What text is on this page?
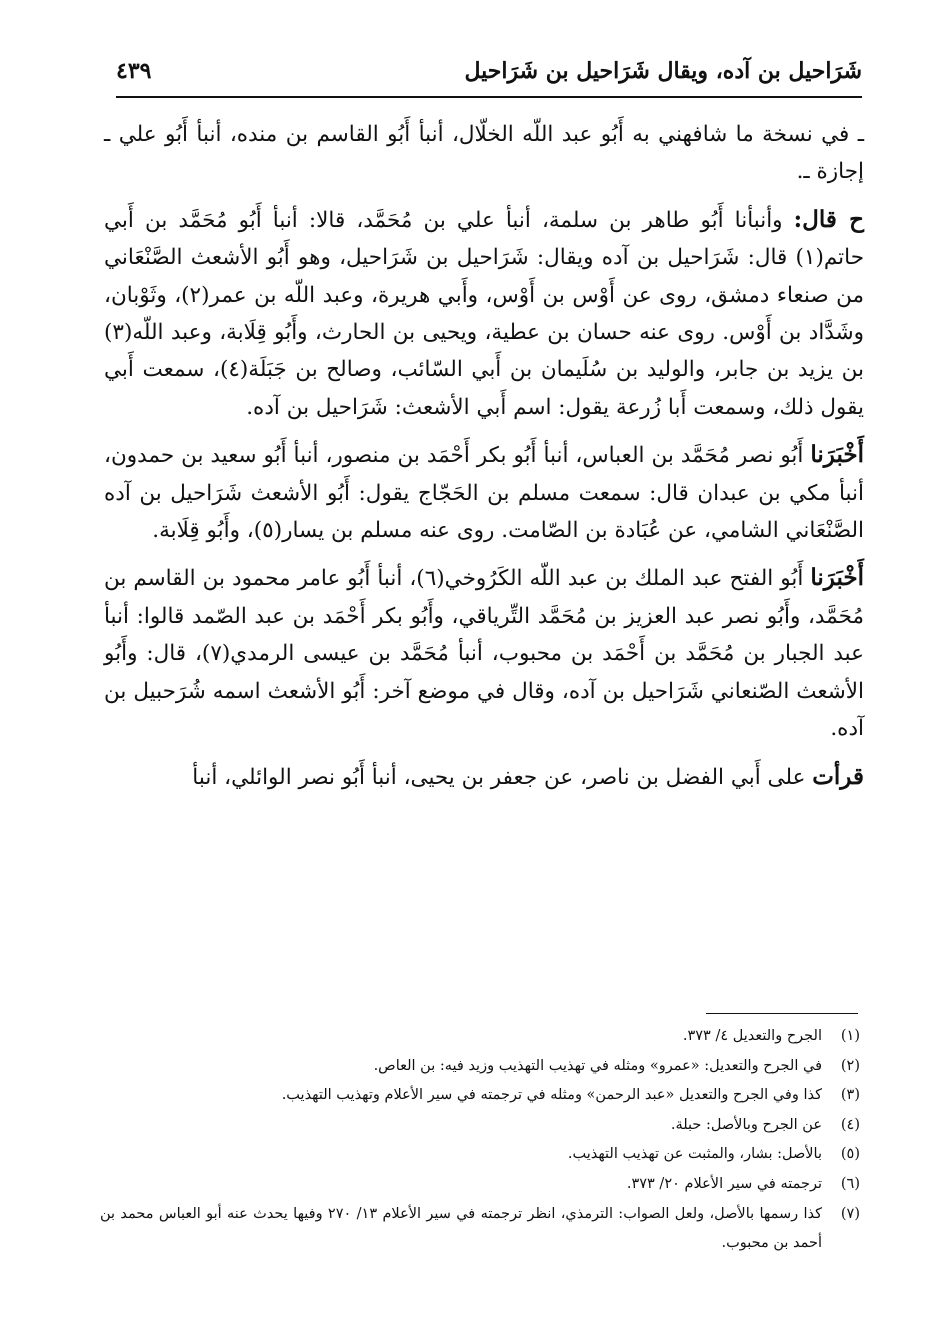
شَرَاحيل بن آده، ويقال شَرَاحيل بن شَرَاحيل
٤٣٩

ـ في نسخة ما شافهني به أَبُو عبد اللّه الخلّال، أنبأ أَبُو القاسم بن منده، أنبأ أَبُو علي ـ إجازة ـ.

ح قال: وأنبأنا أَبُو طاهر بن سلمة، أنبأ علي بن مُحَمَّد، قالا: أنبأ أَبُو مُحَمَّد بن أَبي حاتم(١) قال: شَرَاحيل بن آده ويقال: شَرَاحيل بن شَرَاحيل، وهو أَبُو الأشعث الصَّنْعَاني من صنعاء دمشق، روى عن أَوْس بن أَوْس، وأَبي هريرة، وعبد اللّه بن عمر(٢)، وثَوْبان، وشَدَّاد بن أَوْس. روى عنه حسان بن عطية، ويحيى بن الحارث، وأَبُو قِلَابة، وعبد اللّه(٣) بن يزيد بن جابر، والوليد بن سُلَيمان بن أَبي السّائب، وصالح بن جَبَلَة(٤)، سمعت أَبي يقول ذلك، وسمعت أَبا زُرعة يقول: اسم أَبي الأشعث: شَرَاحيل بن آده.

أَخْبَرَنا أَبُو نصر مُحَمَّد بن العباس، أنبأ أَبُو بكر أَحْمَد بن منصور، أنبأ أَبُو سعيد بن حمدون، أنبأ مكي بن عبدان قال: سمعت مسلم بن الحَجّاج يقول: أَبُو الأشعث شَرَاحيل بن آده الصَّنْعَاني الشامي، عن عُبَادة بن الصّامت. روى عنه مسلم بن يسار(٥)، وأَبُو قِلَابة.

أَخْبَرَنا أَبُو الفتح عبد الملك بن عبد اللّه الكَرُوخي(٦)، أنبأ أَبُو عامر محمود بن القاسم بن مُحَمَّد، وأَبُو نصر عبد العزيز بن مُحَمَّد التِّرياقي، وأَبُو بكر أَحْمَد بن عبد الصّمد قالوا: أنبأ عبد الجبار بن مُحَمَّد بن أَحْمَد بن محبوب، أنبأ مُحَمَّد بن عيسى الرمدي(٧)، قال: وأَبُو الأشعث الصّنعاني شَرَاحيل بن آده، وقال في موضع آخر: أَبُو الأشعث اسمه شُرَحبيل بن آده.

قرأت على أَبي الفضل بن ناصر، عن جعفر بن يحيى، أنبأ أَبُو نصر الوائلي، أنبأ

(١)
الجرح والتعديل ٤/ ٣٧٣.
(٢)
في الجرح والتعديل: «عمرو» ومثله في تهذيب التهذيب وزيد فيه: بن العاص.
(٣)
كذا وفي الجرح والتعديل «عبد الرحمن» ومثله في ترجمته في سير الأعلام وتهذيب التهذيب.
(٤)
عن الجرح وبالأصل: حبلة.
(٥)
بالأصل: بشار، والمثبت عن تهذيب التهذيب.
(٦)
ترجمته في سير الأعلام ٢٠/ ٣٧٣.
(٧)
كذا رسمها بالأصل، ولعل الصواب: الترمذي، انظر ترجمته في سير الأعلام ١٣/ ٢٧٠ وفيها يحدث عنه أبو العباس محمد بن أحمد بن محبوب.
